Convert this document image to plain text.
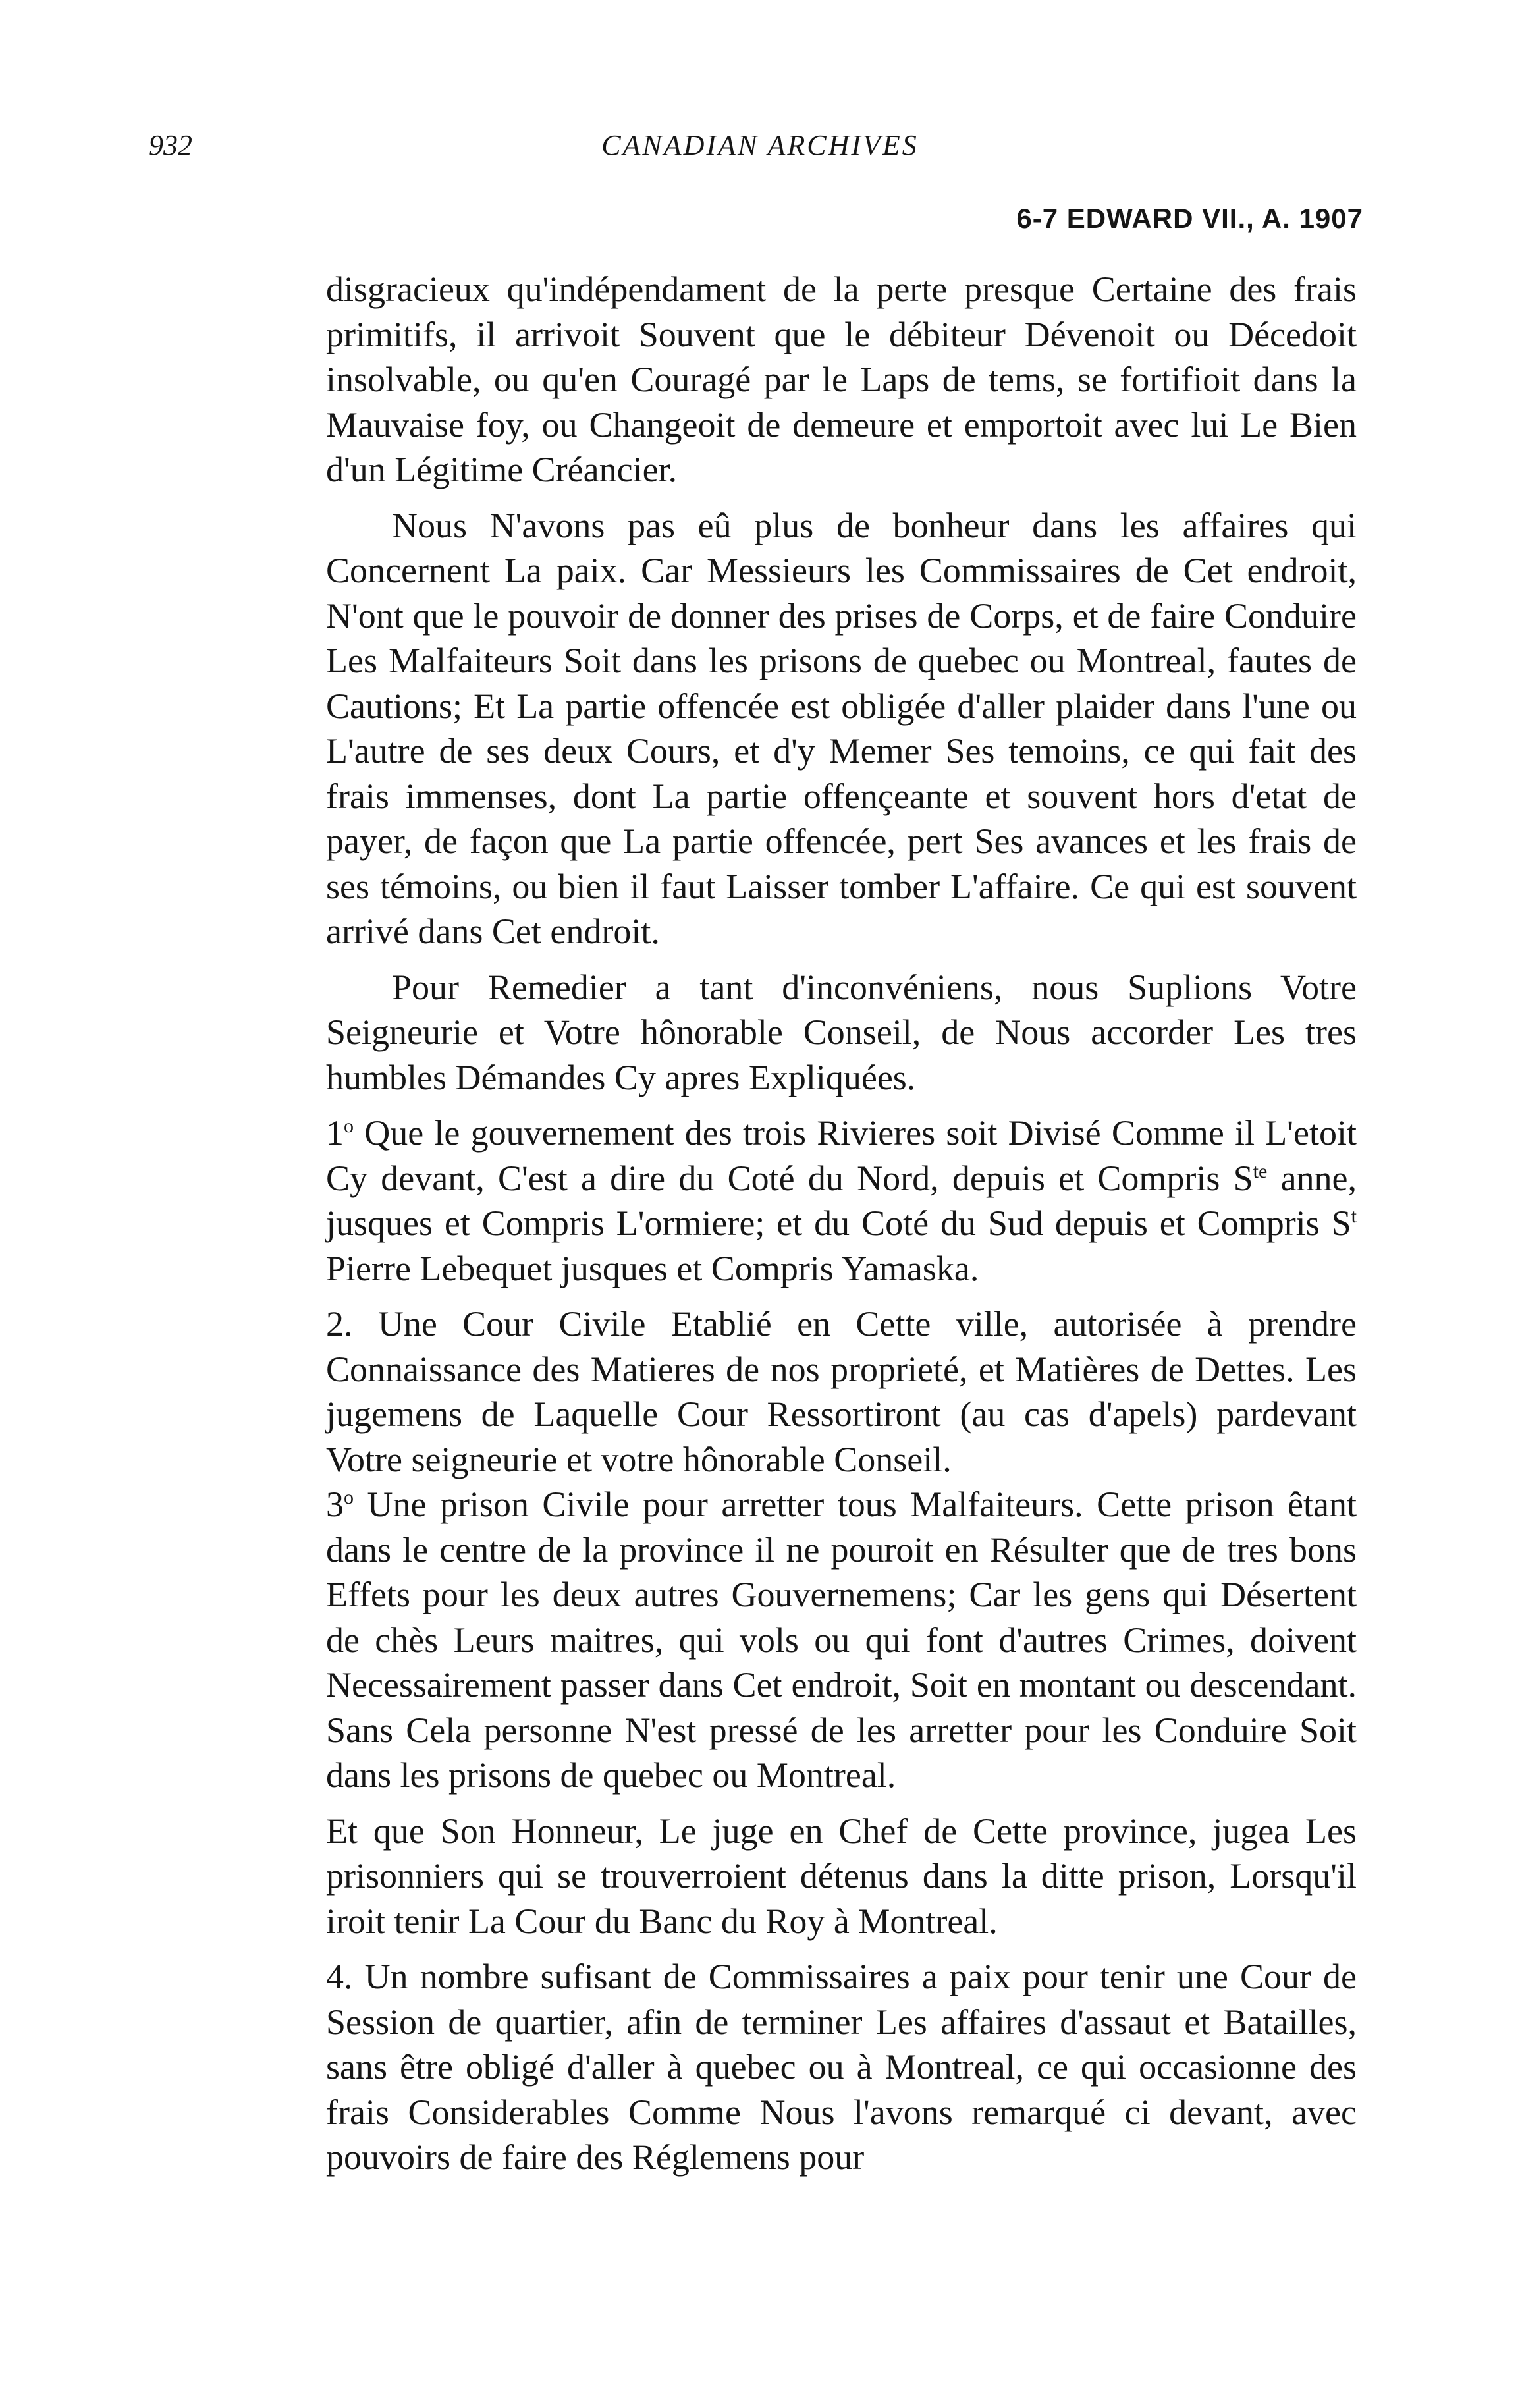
932	CANADIAN ARCHIVES
6-7 EDWARD VII., A. 1907

disgracieux qu'indépendament de la perte presque Certaine des frais primitifs, il arrivoit Souvent que le débiteur Dévenoit ou Décedoit insolvable, ou qu'en Couragé par le Laps de tems, se fortifioit dans la Mauvaise foy, ou Changeoit de demeure et emportoit avec lui Le Bien d'un Légitime Créancier.

Nous N'avons pas eû plus de bonheur dans les affaires qui Concernent La paix. Car Messieurs les Commissaires de Cet endroit, N'ont que le pouvoir de donner des prises de Corps, et de faire Conduire Les Malfaiteurs Soit dans les prisons de quebec ou Montreal, fautes de Cautions; Et La partie offencée est obligée d'aller plaider dans l'une ou L'autre de ses deux Cours, et d'y Memer Ses temoins, ce qui fait des frais immenses, dont La partie offençeante et souvent hors d'etat de payer, de façon que La partie offencée, pert Ses avances et les frais de ses témoins, ou bien il faut Laisser tomber L'affaire. Ce qui est souvent arrivé dans Cet endroit.

Pour Remedier a tant d'inconvéniens, nous Suplions Votre Seigneurie et Votre hônorable Conseil, de Nous accorder Les tres humbles Démandes Cy apres Expliquées.

1$^o$ Que le gouvernement des trois Rivieres soit Divisé Comme il L'etoit Cy devant, C'est a dire du Coté du Nord, depuis et Compris $S^{te}$ anne, jusques et Compris L'ormiere; et du Coté du Sud depuis et Compris $S^t$ Pierre Lebequet jusques et Compris Yamaska.

2. Une Cour Civile Etablié en Cette ville, autorisée à prendre Connaissance des Matieres de nos proprieté, et Matières de Dettes. Les jugemens de Laquelle Cour Ressortiront (au cas d'apels) pardevant Votre seigneurie et votre hônorable Conseil.

3$^o$ Une prison Civile pour arretter tous Malfaiteurs. Cette prison êtant dans le centre de la province il ne pouroit en Résulter que de tres bons Effets pour les deux autres Gouvernemens; Car les gens qui Désertent de chès Leurs maitres, qui vols ou qui font d'autres Crimes, doivent Necessairement passer dans Cet endroit, Soit en montant ou descendant. Sans Cela personne N'est pressé de les arretter pour les Conduire Soit dans les prisons de quebec ou Montreal.

Et que Son Honneur, Le juge en Chef de Cette province, jugea Les prisonniers qui se trouverroient détenus dans la ditte prison, Lorsqu'il iroit tenir La Cour du Banc du Roy à Montreal.

4. Un nombre sufisant de Commissaires a paix pour tenir une Cour de Session de quartier, afin de terminer Les affaires d'assaut et Batailles, sans être obligé d'aller à quebec ou à Montreal, ce qui occasionne des frais Considerables Comme Nous l'avons remarqué ci devant, avec pouvoirs de faire des Réglemens pour
